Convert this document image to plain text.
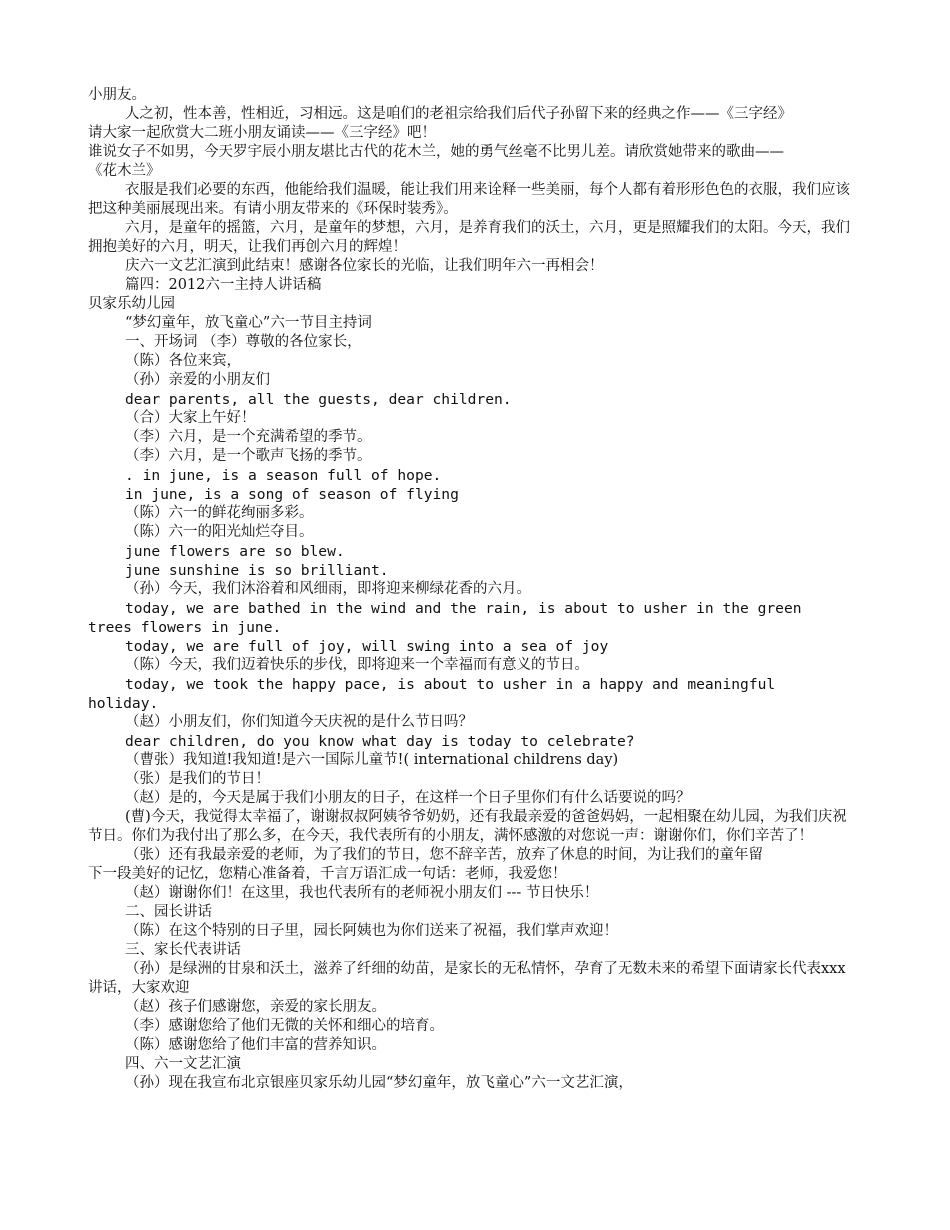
小朋友。
人之初，性本善，性相近，习相远。这是咱们的老祖宗给我们后代子孙留下来的经典之作——《三字经》
请大家一起欣赏大二班小朋友诵读——《三字经》吧！
谁说女子不如男，今天罗宇辰小朋友堪比古代的花木兰，她的勇气丝毫不比男儿差。请欣赏她带来的歌曲——
《花木兰》
衣服是我们必要的东西，他能给我们温暖，能让我们用来诠释一些美丽，每个人都有着形形色色的衣服，我们应该把这种美丽展现出来。有请小朋友带来的《环保时装秀》。
六月，是童年的摇篮，六月，是童年的梦想，六月，是养育我们的沃土，六月，更是照耀我们的太阳。今天，我们拥抱美好的六月，明天，让我们再创六月的辉煌！
庆六一文艺汇演到此结束！感谢各位家长的光临，让我们明年六一再相会！
篇四：2012六一主持人讲话稿
贝家乐幼儿园
“梦幻童年，放飞童心”六一节目主持词
一、开场词 （李）尊敬的各位家长，
（陈）各位来宾，
（孙）亲爱的小朋友们
dear parents, all the guests, dear children.
（合）大家上午好！
（李）六月，是一个充满希望的季节。
（李）六月，是一个歌声飞扬的季节。
. in june, is a season full of hope.
in june, is a song of season of flying
（陈）六一的鲜花绚丽多彩。
（陈）六一的阳光灿烂夺目。
june flowers are so blew.
june sunshine is so brilliant.
（孙）今天，我们沐浴着和风细雨，即将迎来柳绿花香的六月。
today, we are bathed in the wind and the rain, is about to usher in the green
trees flowers in june.
today, we are full of joy, will swing into a sea of joy
（陈）今天，我们迈着快乐的步伐，即将迎来一个幸福而有意义的节日。
today, we took the happy pace, is about to usher in a happy and meaningful
holiday.
（赵）小朋友们，你们知道今天庆祝的是什么节日吗？
dear children, do you know what day is today to celebrate?
（曹张）我知道!我知道!是六一国际儿童节!( international childrens day)
（张）是我们的节日！
（赵）是的，今天是属于我们小朋友的日子，在这样一个日子里你们有什么话要说的吗？
(曹)今天，我觉得太幸福了，谢谢叔叔阿姨爷爷奶奶，还有我最亲爱的爸爸妈妈，一起相聚在幼儿园，为我们庆祝节日。你们为我付出了那么多，在今天，我代表所有的小朋友，满怀感激的对您说一声：谢谢你们，你们辛苦了！
（张）还有我最亲爱的老师，为了我们的节日，您不辞辛苦，放弃了休息的时间，为让我们的童年留
下一段美好的记忆，您精心准备着，千言万语汇成一句话：老师，我爱您！
（赵）谢谢你们！在这里，我也代表所有的老师祝小朋友们 --- 节日快乐！
二、园长讲话
（陈）在这个特别的日子里，园长阿姨也为你们送来了祝福，我们掌声欢迎！
三、家长代表讲话
（孙）是绿洲的甘泉和沃土，滋养了纤细的幼苗，是家长的无私情怀，孕育了无数未来的希望下面请家长代表xxx讲话，大家欢迎
（赵）孩子们感谢您，亲爱的家长朋友。
（李）感谢您给了他们无微的关怀和细心的培育。
（陈）感谢您给了他们丰富的营养知识。
四、六一文艺汇演
（孙）现在我宣布北京银座贝家乐幼儿园“梦幻童年，放飞童心”六一文艺汇演，
